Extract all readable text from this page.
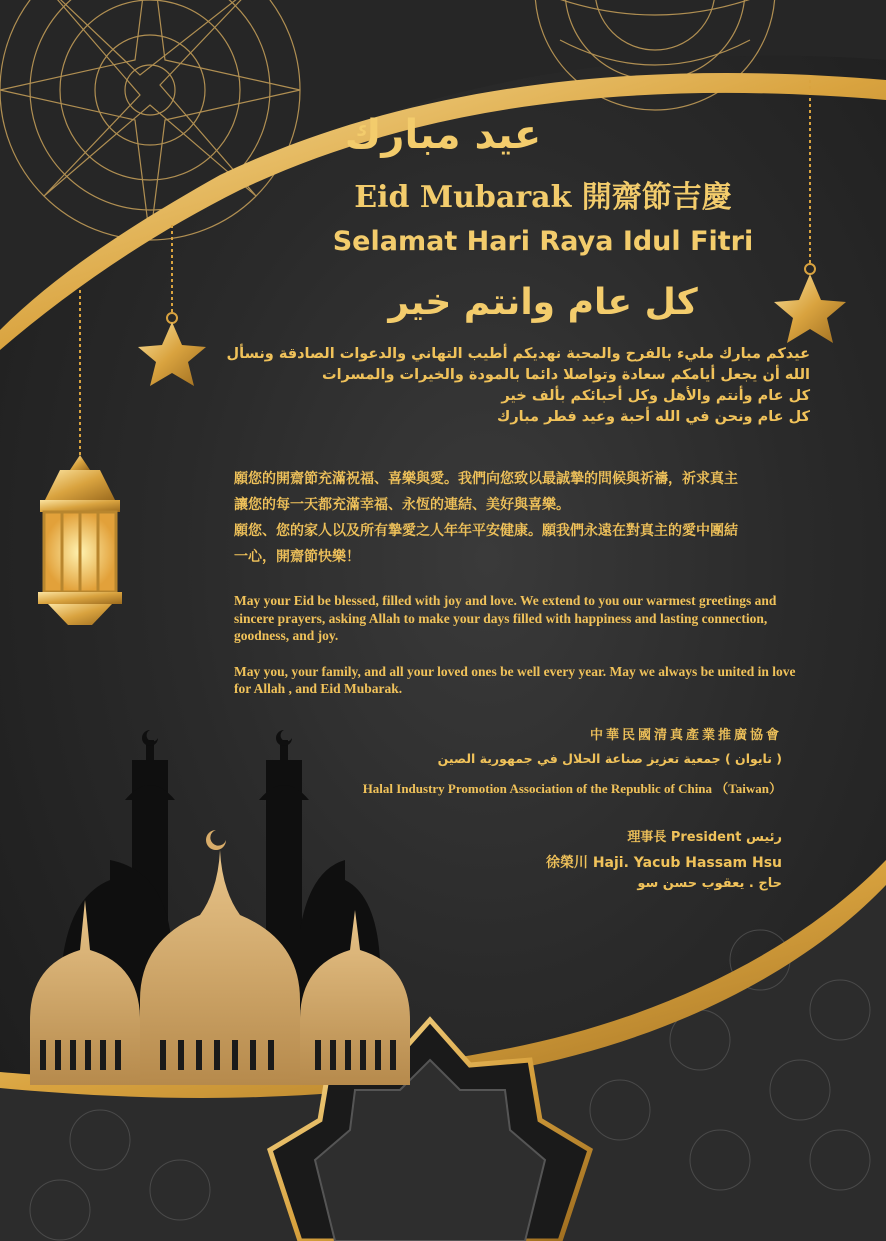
عيد مبارك
Eid Mubarak 開齋節吉慶
Selamat Hari Raya Idul Fitri
كل عام وانتم خير
عيدكم مبارك مليء بالفرح والمحبة نهديكم أطيب التهاني والدعوات الصادقة ونسأل
الله أن يجعل أيامكم سعادة وتواصلا دائما بالمودة والخيرات والمسرات
كل عام وأنتم والأهل وكل أحبائكم بألف خير
كل عام ونحن في الله أحبة وعيد فطر مبارك
願您的開齋節充滿祝福、喜樂與愛。我們向您致以最誠摯的問候與祈禱，祈求真主
讓您的每一天都充滿幸福、永恆的連結、美好與喜樂。
願您、您的家人以及所有摯愛之人年年平安健康。願我們永遠在對真主的愛中團結
一心，開齋節快樂！

May your Eid be blessed, filled with joy and love. We extend to you our warmest greetings and sincere prayers, asking Allah to make your days filled with happiness and lasting connection, goodness, and joy.

May you, your family, and all your loved ones be well every year. May we always be united in love for Allah , and Eid Mubarak.

中華民國清真產業推廣協會
( تايوان ) جمعية تعزيز صناعة الحلال في جمهورية الصين
Halal Industry Promotion Association of the Republic of China （Taiwan）
理事長 President رئيس
徐榮川 Haji. Yacub Hassam Hsu
حاج . يعقوب حسن سو
